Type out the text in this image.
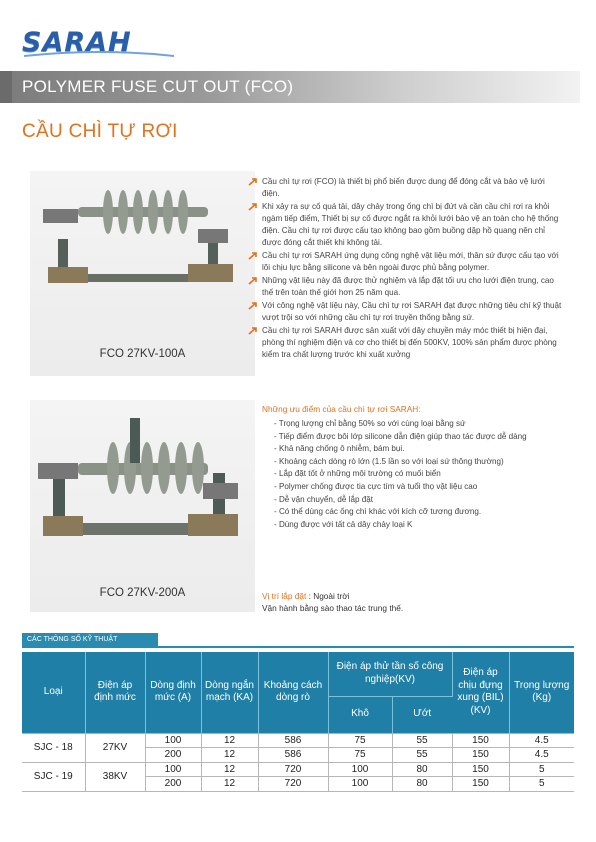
SARAH
POLYMER FUSE CUT OUT (FCO)
CẦU CHÌ TỰ RƠI
FCO 27KV-100A
Cầu chì tự rơi (FCO) là thiết bị phổ biến được dung để đóng cắt và bảo vệ lưới điện.
Khi xảy ra sự cố quá tải, dây chảy trong ống chì bị đứt và cần cầu chì rơi ra khỏi ngàm tiếp điểm, Thiết bị sự cố được ngắt ra khỏi lưới bảo vệ an toàn cho hệ thống điện. Cầu chì tự rơi được cấu tạo không bao gồm buồng dập hồ quang nên chỉ được đóng cắt thiết khi không tải.
Cầu chì tự rơi SARAH ứng dụng công nghệ vật liệu mới, thân sứ được cấu tạo với lõi chịu lực bằng silicone và bên ngoài được phủ bằng polymer.
Những vật liệu này đã được thử nghiệm và lắp đặt tối ưu cho lưới điện trung, cao thế trên toàn thế giới hơn 25 năm qua.
Với công nghệ vật liệu này, Cầu chì tự rơi SARAH đạt được những tiêu chí kỹ thuật vượt trội so với những cầu chì tự rơi truyền thống bằng sứ.
Cầu chì tự rơi SARAH được sản xuất với dây chuyền máy móc thiết bị hiện đại, phòng thí nghiệm điện và cơ cho thiết bị đến 500KV, 100% sản phẩm được phòng kiểm tra chất lượng trước khi xuất xưởng
FCO 27KV-200A
Những ưu điểm của cầu chì tự rơi SARAH:
- Trọng lượng chỉ bằng 50% so với cùng loại bằng sứ
- Tiếp điểm được bôi lớp silicone dẫn điện giúp thao tác được dễ dàng
- Khả năng chống ô nhiễm, bám bụi.
- Khoảng cách dòng rò lớn (1.5 lần so với loại sứ thông thường)
- Lắp đặt tốt ở những môi trường có muối biển
- Polymer chống được tia cực tím và tuổi thọ vật liệu cao
- Dễ vận chuyển, dễ lắp đặt
- Có thể dùng các ống chì khác với kích cỡ tương đương.
- Dùng được với tất cả dây chảy loại K
Vị trí lắp đặt : Ngoài trời
Vận hành bằng sào thao tác trung thế.
CÁC THÔNG SỐ KỸ THUẬT
Loại	Điện áp định mức	Dòng định mức (A)	Dòng ngắn mạch (KA)	Khoảng cách dòng rò	Điện áp thử tần số công nghiệp(KV)		Điện áp chịu đựng xung (BIL) (KV)	Trọng lượng (Kg)
					Khô	Ướt		
SJC - 18	27KV	100	12	586	75	55	150	4.5
		200	12	586	75	55	150	4.5
SJC - 19	38KV	100	12	720	100	80	150	5
		200	12	720	100	80	150	5
